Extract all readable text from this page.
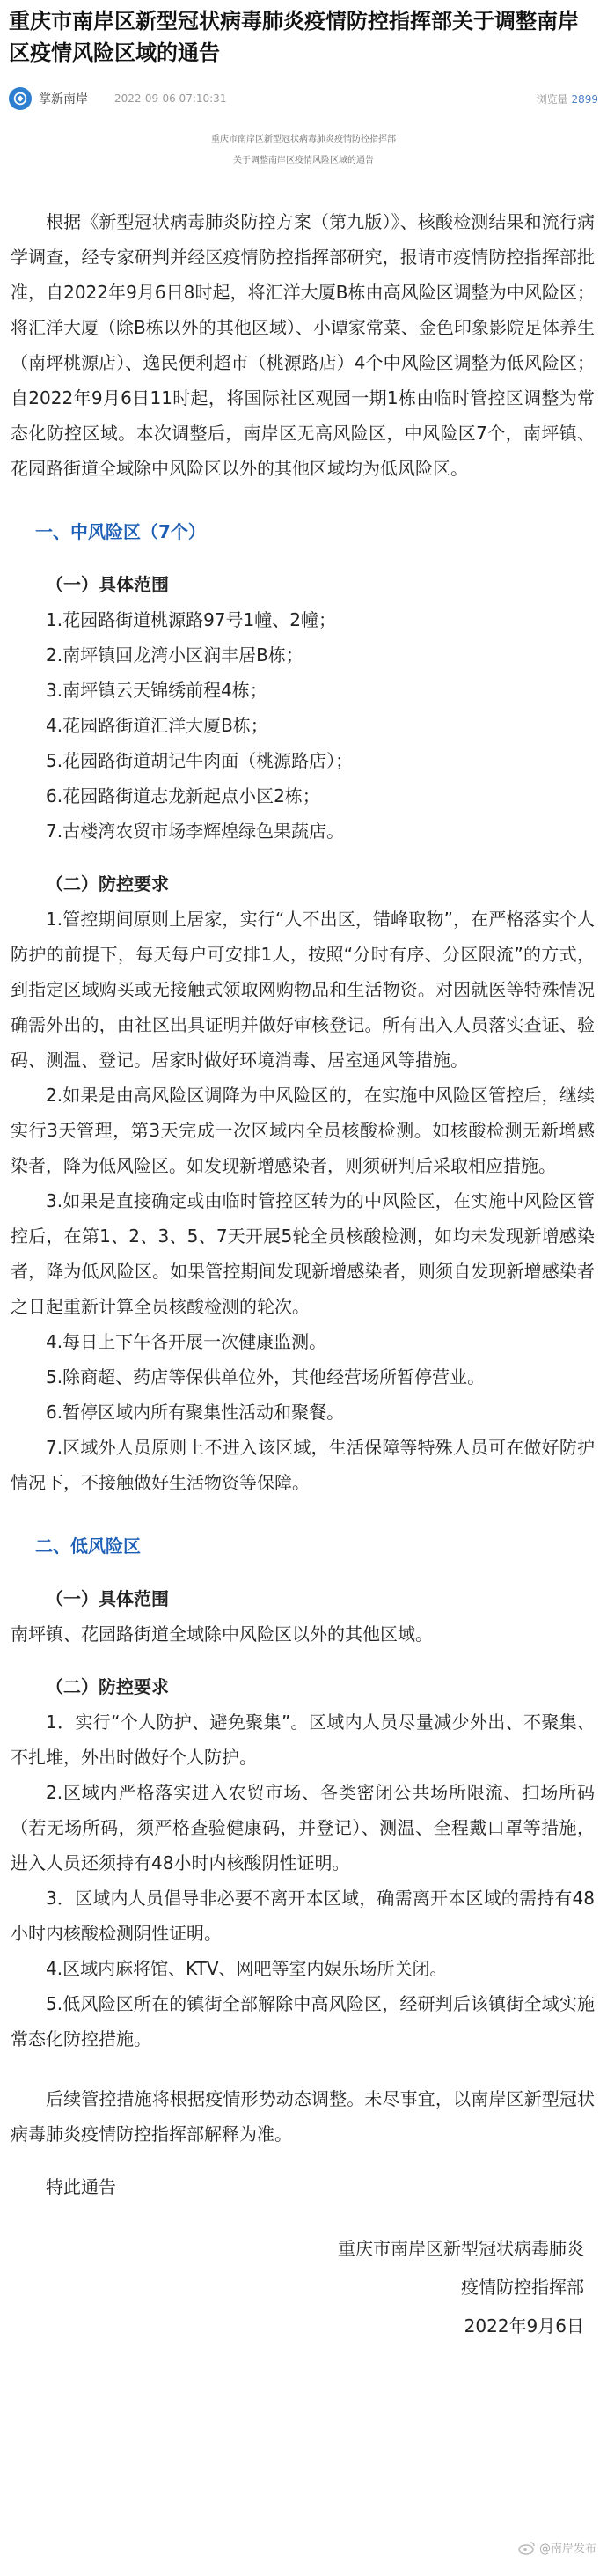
重庆市南岸区新型冠状病毒肺炎疫情防控指挥部关于调整南岸区疫情风险区域的通告
掌新南岸	2022-09-06 07:10:31	浏览量 2899
重庆市南岸区新型冠状病毒肺炎疫情防控指挥部
关于调整南岸区疫情风险区域的通告

根据《新型冠状病毒肺炎防控方案（第九版）》、核酸检测结果和流行病学调查，经专家研判并经区疫情防控指挥部研究，报请市疫情防控指挥部批准，自2022年9月6日8时起，将汇洋大厦B栋由高风险区调整为中风险区；将汇洋大厦（除B栋以外的其他区域）、小谭家常菜、金色印象影院足体养生（南坪桃源店）、逸民便利超市（桃源路店）4个中风险区调整为低风险区；自2022年9月6日11时起，将国际社区观园一期1栋由临时管控区调整为常态化防控区域。本次调整后，南岸区无高风险区，中风险区7个，南坪镇、花园路街道全域除中风险区以外的其他区域均为低风险区。

一、中风险区（7个）
（一）具体范围
1.花园路街道桃源路97号1幢、2幢；
2.南坪镇回龙湾小区润丰居B栋；
3.南坪镇云天锦绣前程4栋；
4.花园路街道汇洋大厦B栋；
5.花园路街道胡记牛肉面（桃源路店）；
6.花园路街道志龙新起点小区2栋；
7.古楼湾农贸市场李辉煌绿色果蔬店。
（二）防控要求

1.管控期间原则上居家，实行“人不出区，错峰取物”，在严格落实个人防护的前提下，每天每户可安排1人，按照“分时有序、分区限流”的方式，到指定区域购买或无接触式领取网购物品和生活物资。对因就医等特殊情况确需外出的，由社区出具证明并做好审核登记。所有出入人员落实查证、验码、测温、登记。居家时做好环境消毒、居室通风等措施。

2.如果是由高风险区调降为中风险区的，在实施中风险区管控后，继续实行3天管理，第3天完成一次区域内全员核酸检测。如核酸检测无新增感染者，降为低风险区。如发现新增感染者，则须研判后采取相应措施。

3.如果是直接确定或由临时管控区转为的中风险区，在实施中风险区管控后，在第1、2、3、5、7天开展5轮全员核酸检测，如均未发现新增感染者，降为低风险区。如果管控期间发现新增感染者，则须自发现新增感染者之日起重新计算全员核酸检测的轮次。

4.每日上下午各开展一次健康监测。

5.除商超、药店等保供单位外，其他经营场所暂停营业。

6.暂停区域内所有聚集性活动和聚餐。

7.区域外人员原则上不进入该区域，生活保障等特殊人员可在做好防护情况下，不接触做好生活物资等保障。

二、低风险区
（一）具体范围

南坪镇、花园路街道全域除中风险区以外的其他区域。

（二）防控要求

1．实行“个人防护、避免聚集”。区域内人员尽量减少外出、不聚集、不扎堆，外出时做好个人防护。

2.区域内严格落实进入农贸市场、各类密闭公共场所限流、扫场所码（若无场所码，须严格查验健康码，并登记）、测温、全程戴口罩等措施，进入人员还须持有48小时内核酸阴性证明。

3．区域内人员倡导非必要不离开本区域，确需离开本区域的需持有48小时内核酸检测阴性证明。

4.区域内麻将馆、KTV、网吧等室内娱乐场所关闭。

5.低风险区所在的镇街全部解除中高风险区，经研判后该镇街全域实施常态化防控措施。

后续管控措施将根据疫情形势动态调整。未尽事宜，以南岸区新型冠状病毒肺炎疫情防控指挥部解释为准。

特此通告

重庆市南岸区新型冠状病毒肺炎
疫情防控指挥部
2022年9月6日
@南岸发布
